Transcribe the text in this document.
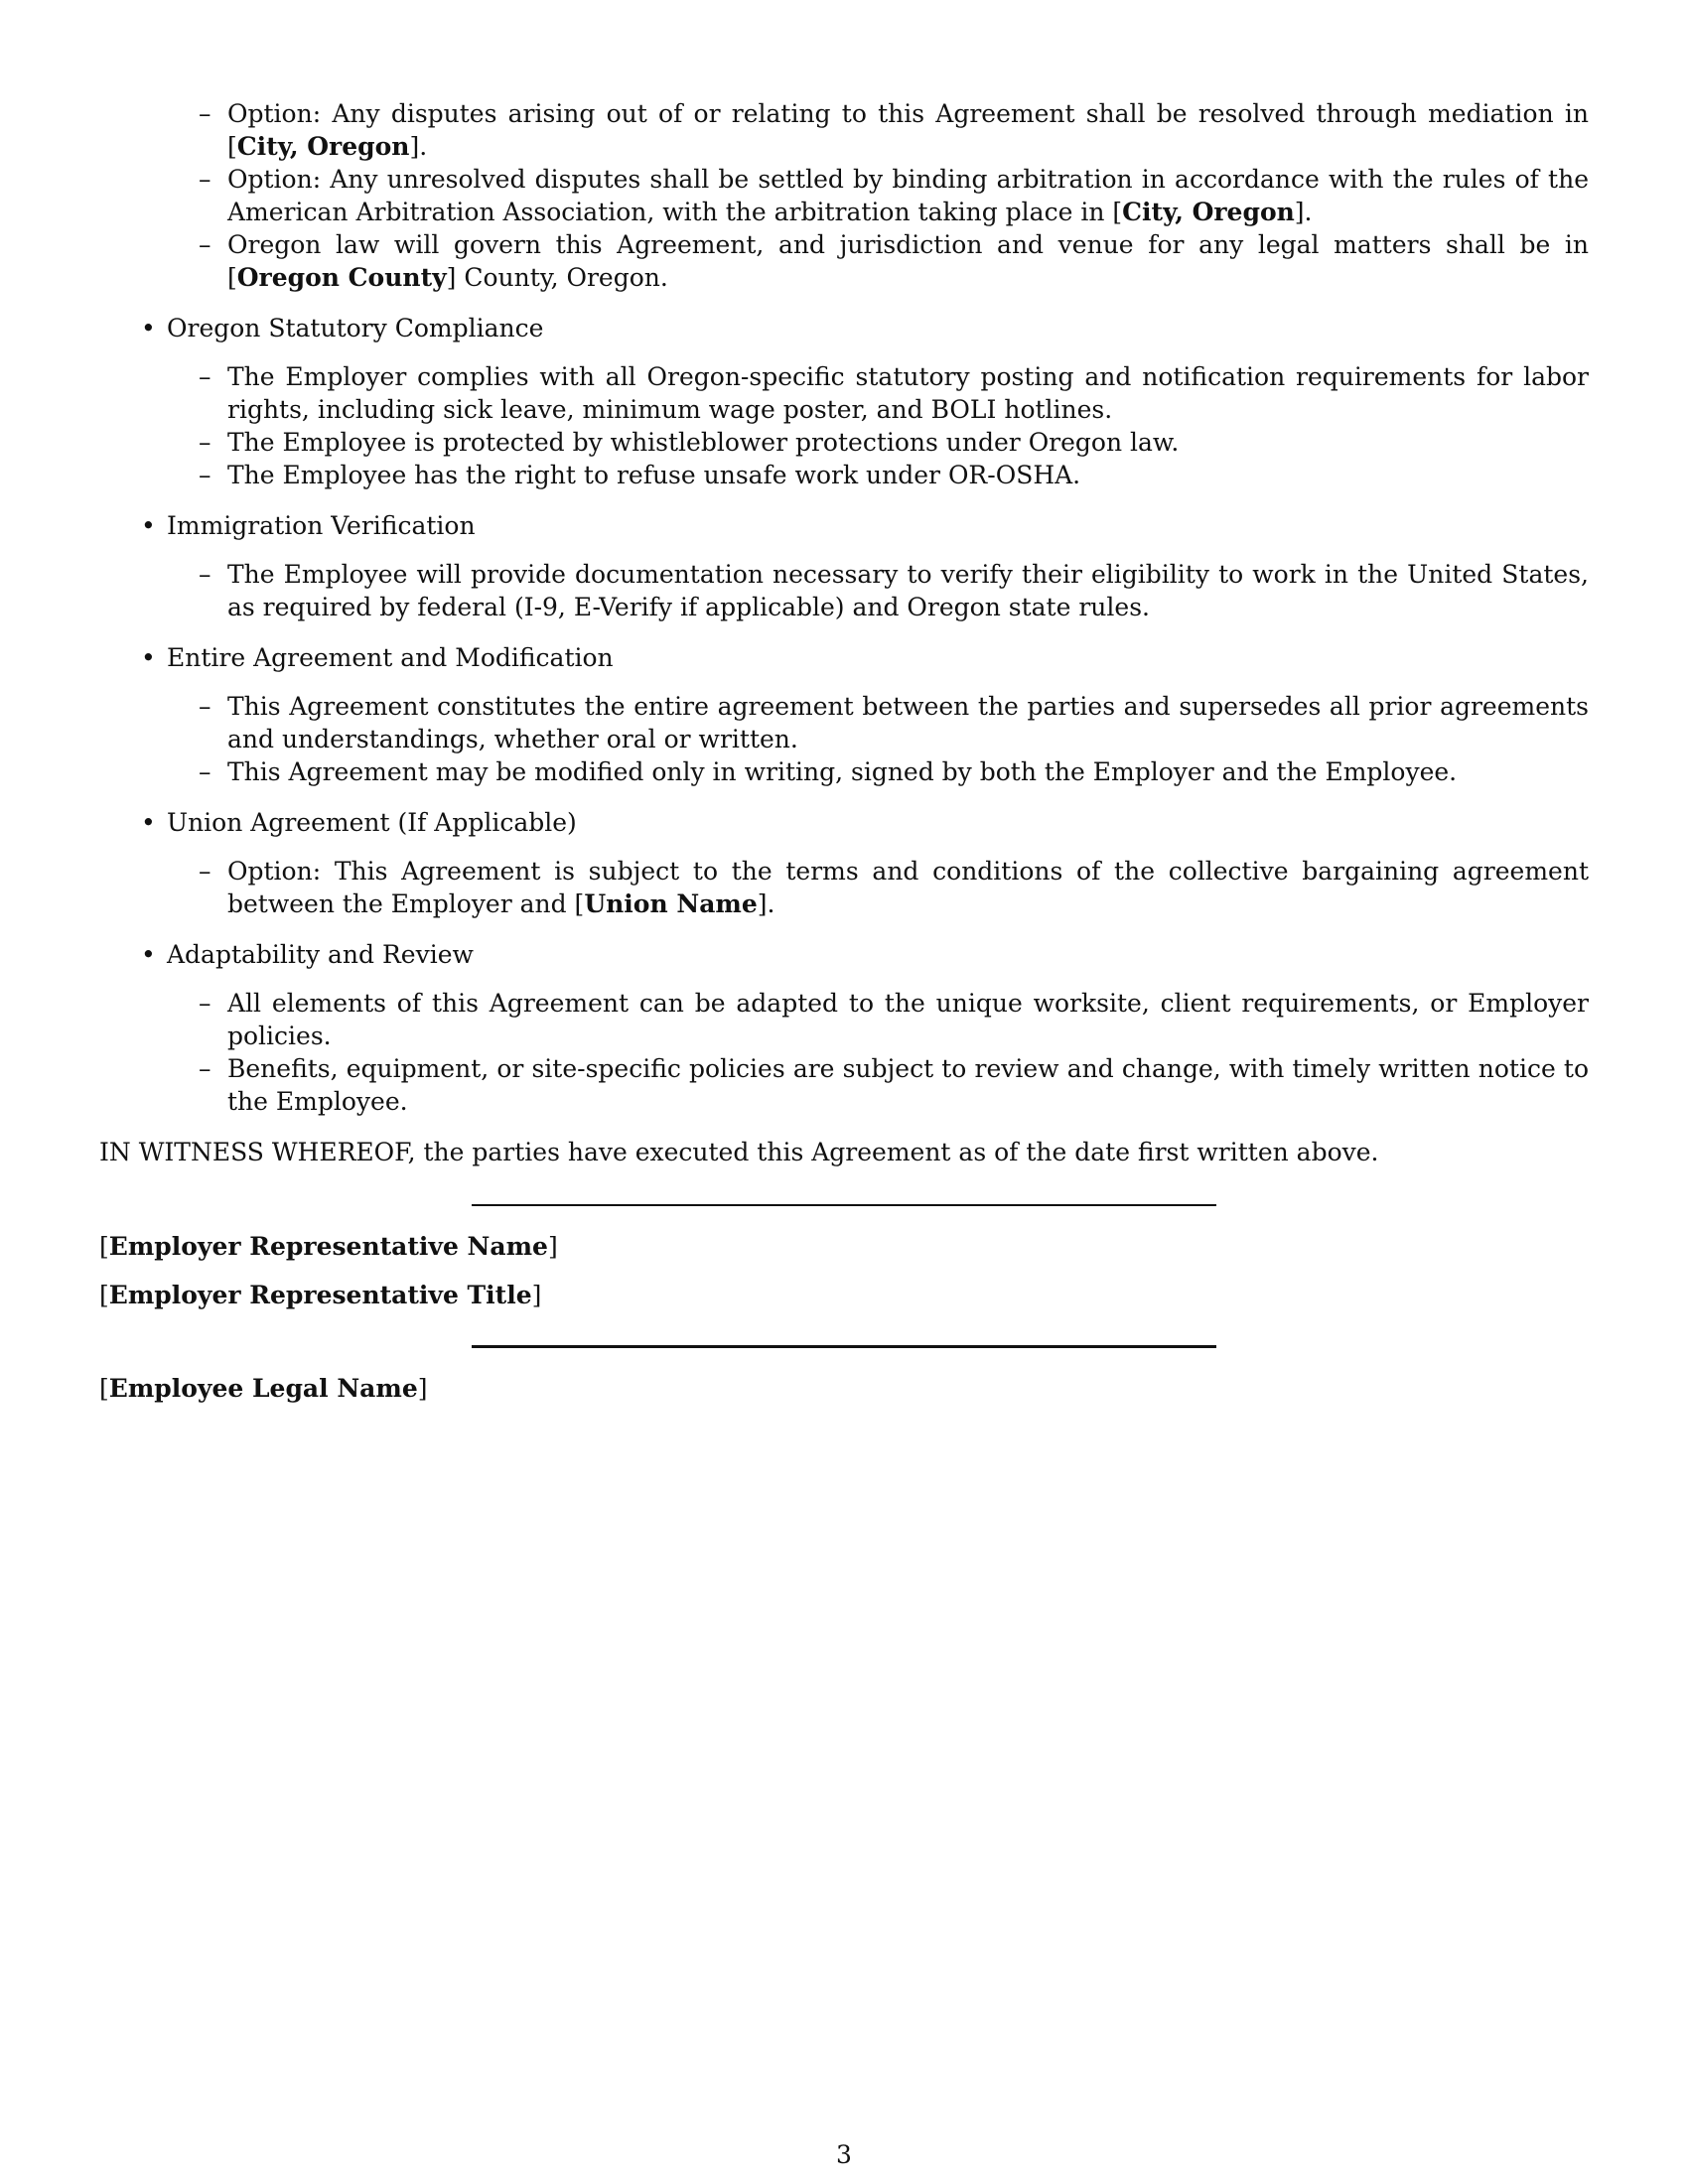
– Option: Any disputes arising out of or relating to this Agreement shall be resolved through mediation in [City, Oregon].
– Option: Any unresolved disputes shall be settled by binding arbitration in accordance with the rules of the American Arbitration Association, with the arbitration taking place in [City, Oregon].
– Oregon law will govern this Agreement, and jurisdiction and venue for any legal matters shall be in [Oregon County] County, Oregon.
• Oregon Statutory Compliance
– The Employer complies with all Oregon-specific statutory posting and notification requirements for labor rights, including sick leave, minimum wage poster, and BOLI hotlines.
– The Employee is protected by whistleblower protections under Oregon law.
– The Employee has the right to refuse unsafe work under OR-OSHA.
• Immigration Verification
– The Employee will provide documentation necessary to verify their eligibility to work in the United States, as required by federal (I-9, E-Verify if applicable) and Oregon state rules.
• Entire Agreement and Modification
– This Agreement constitutes the entire agreement between the parties and supersedes all prior agreements and understandings, whether oral or written.
– This Agreement may be modified only in writing, signed by both the Employer and the Employee.
• Union Agreement (If Applicable)
– Option: This Agreement is subject to the terms and conditions of the collective bargaining agreement between the Employer and [Union Name].
• Adaptability and Review
– All elements of this Agreement can be adapted to the unique worksite, client requirements, or Employer policies.
– Benefits, equipment, or site-specific policies are subject to review and change, with timely written notice to the Employee.
IN WITNESS WHEREOF, the parties have executed this Agreement as of the date first written above.
[Employer Representative Name]
[Employer Representative Title]
[Employee Legal Name]
3
